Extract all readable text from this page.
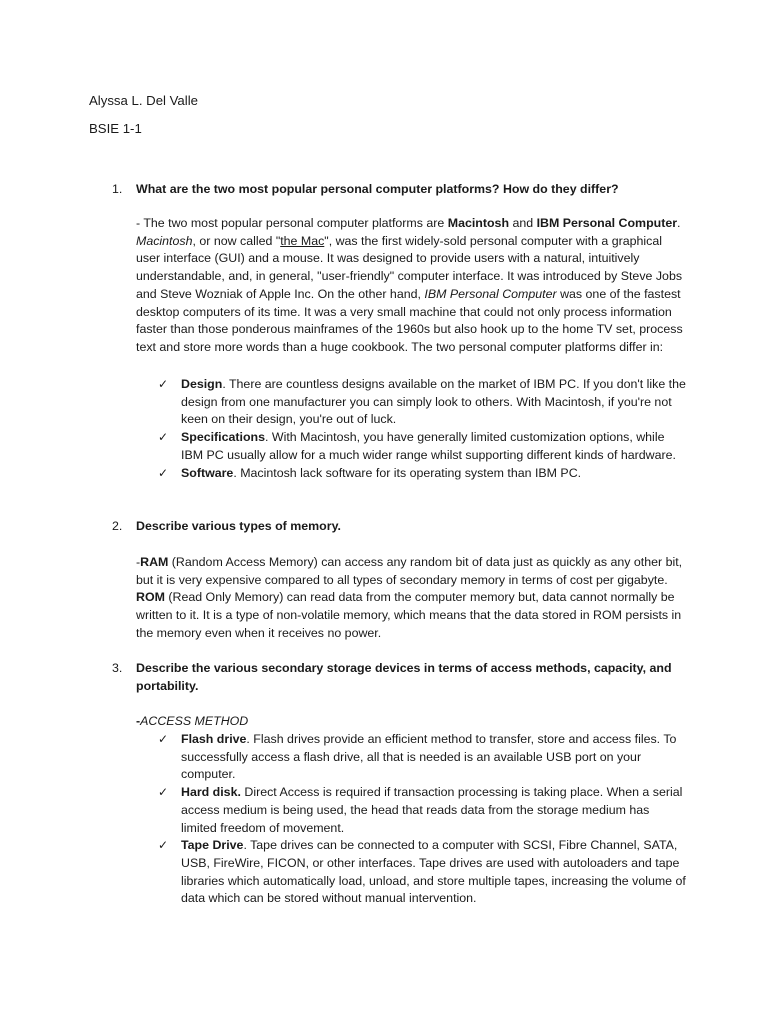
Alyssa L. Del Valle
BSIE 1-1
1.	What are the two most popular personal computer platforms? How do they differ?
- The two most popular personal computer platforms are Macintosh and IBM Personal Computer. Macintosh, or now called "the Mac", was the first widely-sold personal computer with a graphical user interface (GUI) and a mouse. It was designed to provide users with a natural, intuitively understandable, and, in general, "user-friendly" computer interface. It was introduced by Steve Jobs and Steve Wozniak of Apple Inc. On the other hand, IBM Personal Computer was one of the fastest desktop computers of its time. It was a very small machine that could not only process information faster than those ponderous mainframes of the 1960s but also hook up to the home TV set, process text and store more words than a huge cookbook. The two personal computer platforms differ in:
✓ Design. There are countless designs available on the market of IBM PC. If you don't like the design from one manufacturer you can simply look to others. With Macintosh, if you're not keen on their design, you're out of luck.
✓ Specifications. With Macintosh, you have generally limited customization options, while IBM PC usually allow for a much wider range whilst supporting different kinds of hardware.
✓ Software. Macintosh lack software for its operating system than IBM PC.
2.	Describe various types of memory.
-RAM (Random Access Memory) can access any random bit of data just as quickly as any other bit, but it is very expensive compared to all types of secondary memory in terms of cost per gigabyte. ROM (Read Only Memory) can read data from the computer memory but, data cannot normally be written to it. It is a type of non-volatile memory, which means that the data stored in ROM persists in the memory even when it receives no power.
3.	Describe the various secondary storage devices in terms of access methods, capacity, and portability.
-ACCESS METHOD
✓ Flash drive. Flash drives provide an efficient method to transfer, store and access files. To successfully access a flash drive, all that is needed is an available USB port on your computer.
✓ Hard disk. Direct Access is required if transaction processing is taking place. When a serial access medium is being used, the head that reads data from the storage medium has limited freedom of movement.
✓ Tape Drive. Tape drives can be connected to a computer with SCSI, Fibre Channel, SATA, USB, FireWire, FICON, or other interfaces. Tape drives are used with autoloaders and tape libraries which automatically load, unload, and store multiple tapes, increasing the volume of data which can be stored without manual intervention.
